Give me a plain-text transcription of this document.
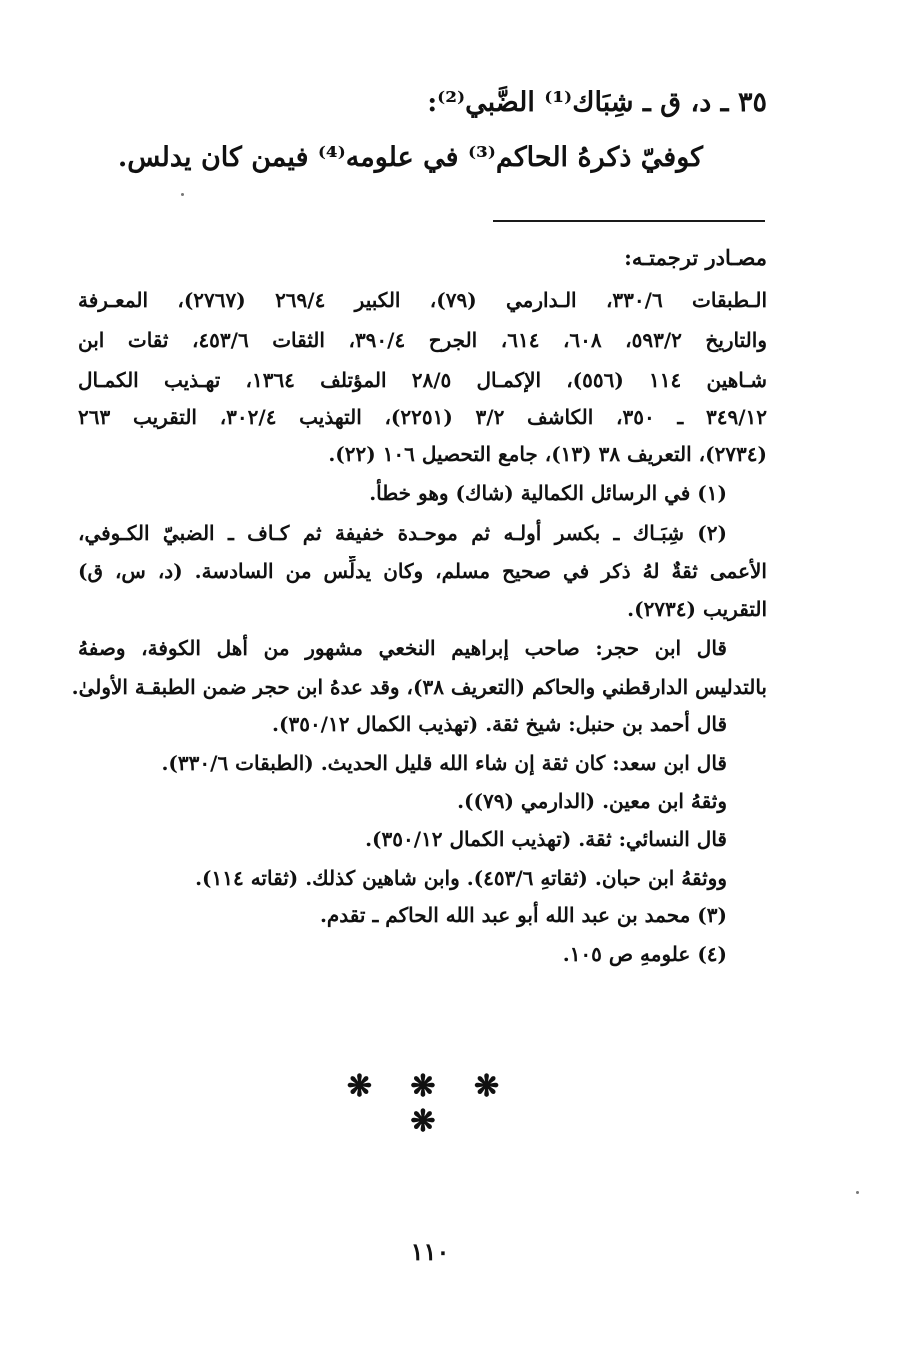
٣٥ ـ د، ق ـ شِبَاك⁽¹⁾ الضَّبي⁽²⁾:
كوفيّ ذكرهُ الحاكم⁽³⁾ في علومه⁽⁴⁾ فيمن كان يدلس.
مصـادر ترجمتـه:
الـطبقات ٣٣٠/٦، الـدارمي (٧٩)، الكبير ٢٦٩/٤ (٢٧٦٧)، المعـرفة
والتاريخ ٥٩٣/٢، ٦٠٨، ٦١٤، الجرح ٣٩٠/٤، الثقات ٤٥٣/٦، ثقات ابن
شـاهين ١١٤ (٥٥٦)، الإكمـال ٢٨/٥ المؤتلف ١٣٦٤، تهـذيب الكمـال
٣٤٩/١٢ ـ ٣٥٠، الكاشف ٣/٢ (٢٢٥١)، التهذيب ٣٠٢/٤، التقريب ٢٦٣
(٢٧٣٤)، التعريف ٣٨ (١٣)، جامع التحصيل ١٠٦ (٢٢).
(١) في الرسائل الكمالية (شاك) وهو خطأ.
(٢) شِبَـاك ـ بكسر أولـه ثم موحـدة خفيفة ثم كـاف ـ الضبيّ الكـوفي،
الأعمى ثقةٌ لهُ ذكر في صحيح مسلم، وكان يدلِّس من السادسة. (د، س، ق)
التقريب (٢٧٣٤).
قال ابن حجر: صاحب إبراهيم النخعي مشهور من أهل الكوفة، وصفهُ
بالتدليس الدارقطني والحاكم (التعريف ٣٨)، وقد عدهُ ابن حجر ضمن الطبقـة الأولىٰ.
قال أحمد بن حنبل: شيخ ثقة. (تهذيب الكمال ٣٥٠/١٢).
قال ابن سعد: كان ثقة إن شاء الله قليل الحديث. (الطبقات ٣٣٠/٦).
وثقهُ ابن معين. (الدارمي (٧٩)).
قال النسائي: ثقة. (تهذيب الكمال ٣٥٠/١٢).
ووثقهُ ابن حبان. (ثقاتهِ ٤٥٣/٦). وابن شاهين كذلك. (ثقاته ١١٤).
(٣) محمد بن عبد الله أبو عبد الله الحاكم ـ تقدم.
(٤) علومهِ ص ١٠٥.
❋ ❋ ❋ ❋
١١٠
